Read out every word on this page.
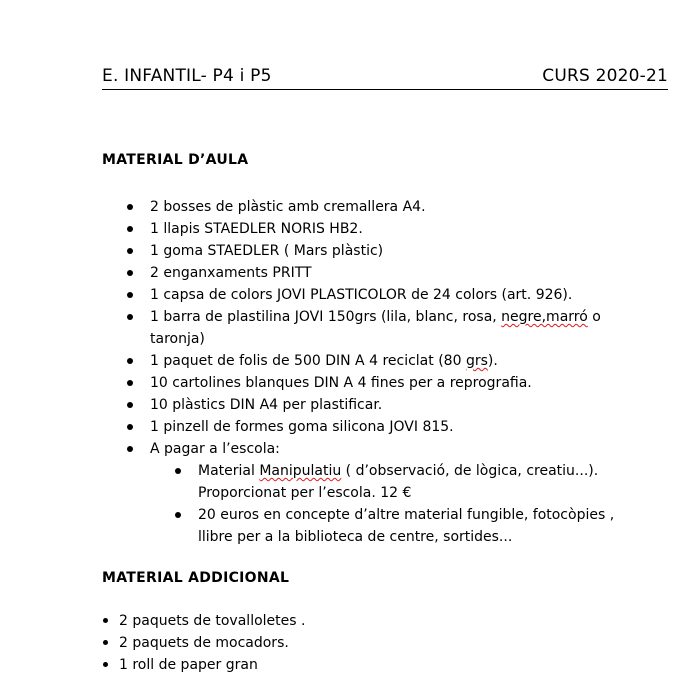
E. INFANTIL- P4 i P5	CURS 2020-21
MATERIAL D’AULA
2 bosses de plàstic amb cremallera A4.
1 llapis STAEDLER NORIS HB2.
1 goma STAEDLER ( Mars plàstic)
2 enganxaments PRITT
1 capsa de colors JOVI PLASTICOLOR de 24 colors (art. 926).
1 barra de plastilina JOVI 150grs (lila, blanc, rosa, negre,marró o taronja)
1 paquet de folis de 500 DIN A 4 reciclat (80 grs).
10 cartolines blanques DIN A 4 fines per a reprografia.
10 plàstics DIN A4 per plastificar.
1 pinzell de formes goma silicona JOVI 815.
A pagar a l’escola:
Material Manipulatiu ( d’observació, de lògica, creatiu...). Proporcionat per l’escola. 12 €
20 euros en concepte d’altre material fungible, fotocòpies , llibre per a la biblioteca de centre, sortides...
MATERIAL ADDICIONAL
2 paquets de tovalloletes .
2 paquets de mocadors.
1 roll de paper gran
